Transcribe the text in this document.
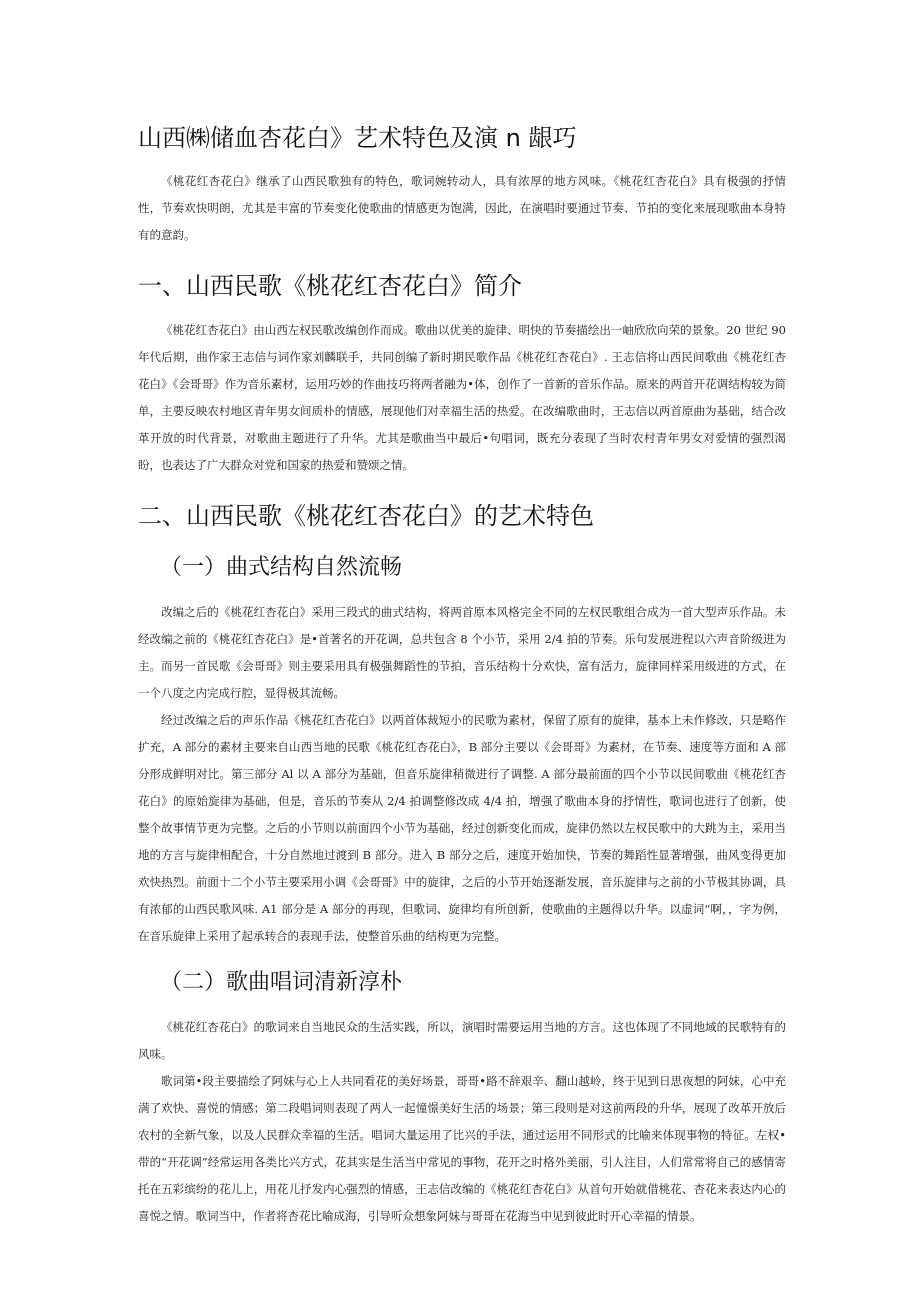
山西㈱储血杏花白》艺术特色及演 n 龈巧

《桃花红杏花白》继承了山西民歌独有的特色，歌词婉转动人，具有浓厚的地方风味。《桃花红杏花白》具有极强的抒情性，节奏欢快明朗，尤其是丰富的节奏变化使歌曲的情感更为饱满，因此，在演唱时要通过节奏、节拍的变化来展现歌曲本身特有的意韵。

一、山西民歌《桃花红杏花白》简介

《桃花红杏花白》由山西左权民歌改编创作而成。歌曲以优美的旋律、明快的节奏描绘出一岫欣欣向荣的景象。20 世纪 90 年代后期，曲作家王志信与词作家刘麟联手，共同创编了新时期民歌作品《桃花红杏花白》. 王志信将山西民间歌曲《桃花红杏花白》《会哥哥》作为音乐素材，运用巧妙的作曲技巧将两者融为•体，创作了一首新的音乐作品。原来的两首开花调结构较为简单，主要反映农村地区青年男女间质朴的情感，展现他们对幸福生活的热爱。在改编歌曲时，王志信以两首原曲为基础，结合改革开放的时代背景，对歌曲主题进行了升华。尤其是歌曲当中最后•句唱词，既充分表现了当时农村青年男女对爱情的强烈渴盼，也表达了广大群众对党和国家的热爱和赞颂之情。

二、山西民歌《桃花红杏花白》的艺术特色
（一）曲式结构自然流畅

改编之后的《桃花红杏花白》采用三段式的曲式结构，将两首原本风格完全不同的左权民歌组合成为一首大型声乐作品。未经改编之前的《桃花红杏花白》是•首著名的开花调，总共包含 8 个小节，采用 2/4 拍的节奏。乐句发展进程以六声音阶级进为主。而另一首民歌《会哥哥》则主要采用具有极强舞蹈性的节拍，音乐结构十分欢快，富有活力，旋律同样采用级进的方式，在一个八度之内完成行腔，显得极其流畅。

经过改编之后的声乐作品《桃花红杏花白》以两首体裁短小的民歌为素材，保留了原有的旋律，基本上未作修改，只是略作扩充，A 部分的素材主要来自山西当地的民歌《桃花红杏花白》，B 部分主要以《会哥哥》为素材，在节奏、速度等方面和 A 部分形成鲜明对比。第三部分 Al 以 A 部分为基础，但音乐旋律稍微进行了调整. A 部分最前面的四个小节以民间歌曲《桃花红杏花白》的原始旋律为基础，但是，音乐的节奏从 2/4 拍调整修改成 4/4 拍，增强了歌曲本身的抒情性，歌词也进行了创新，使整个故事情节更为完整。之后的小节则以前面四个小节为基础，经过创新变化而成，旋律仍然以左权民歌中的大跳为主，采用当地的方言与旋律相配合，十分自然地过渡到 B 部分。进入 B 部分之后，速度开始加快，节奏的舞蹈性显著增强，曲风变得更加欢快热烈。前面十二个小节主要采用小调《会哥哥》中的旋律，之后的小节开始逐渐发展，音乐旋律与之前的小节极其协调，具有浓郁的山西民歌风味. A1 部分是 A 部分的再现，但歌词、旋律均有所创新，使歌曲的主题得以升华。以虚词“啊，，字为例，在音乐旋律上采用了起承转合的表现手法，使整首乐曲的结构更为完整。

（二）歌曲唱词清新淳朴

《桃花红杏花白》的歌词来自当地民众的生活实践，所以，演唱时需要运用当地的方言。这也体现了不同地域的民歌特有的风味。

歌词第•段主要描绘了阿妹与心上人共同看花的美好场景，哥哥•路不辞艰辛、翻山越岭，终于见到日思夜想的阿妹，心中充满了欢快、喜悦的情感；第二段唱词则表现了两人一起憧憬美好生活的场景；第三段则是对这前两段的升华，展现了改革开放后农村的全新气象，以及人民群众幸福的生活。唱词大量运用了比兴的手法，通过运用不同形式的比喻来体现事物的特征。左权•带的“开花调”经常运用各类比兴方式，花其实是生活当中常见的事物，花开之时格外美丽，引人注目，人们常常将自己的感情寄托在五彩缤纷的花儿上，用花儿抒发内心强烈的情感，王志信改编的《桃花红杏花白》从首句开始就借桃花、杏花来表达内心的喜悦之情。歌词当中，作者将杏花比喻成海，引导听众想象阿妹与哥哥在花海当中见到彼此时开心幸福的情景。
